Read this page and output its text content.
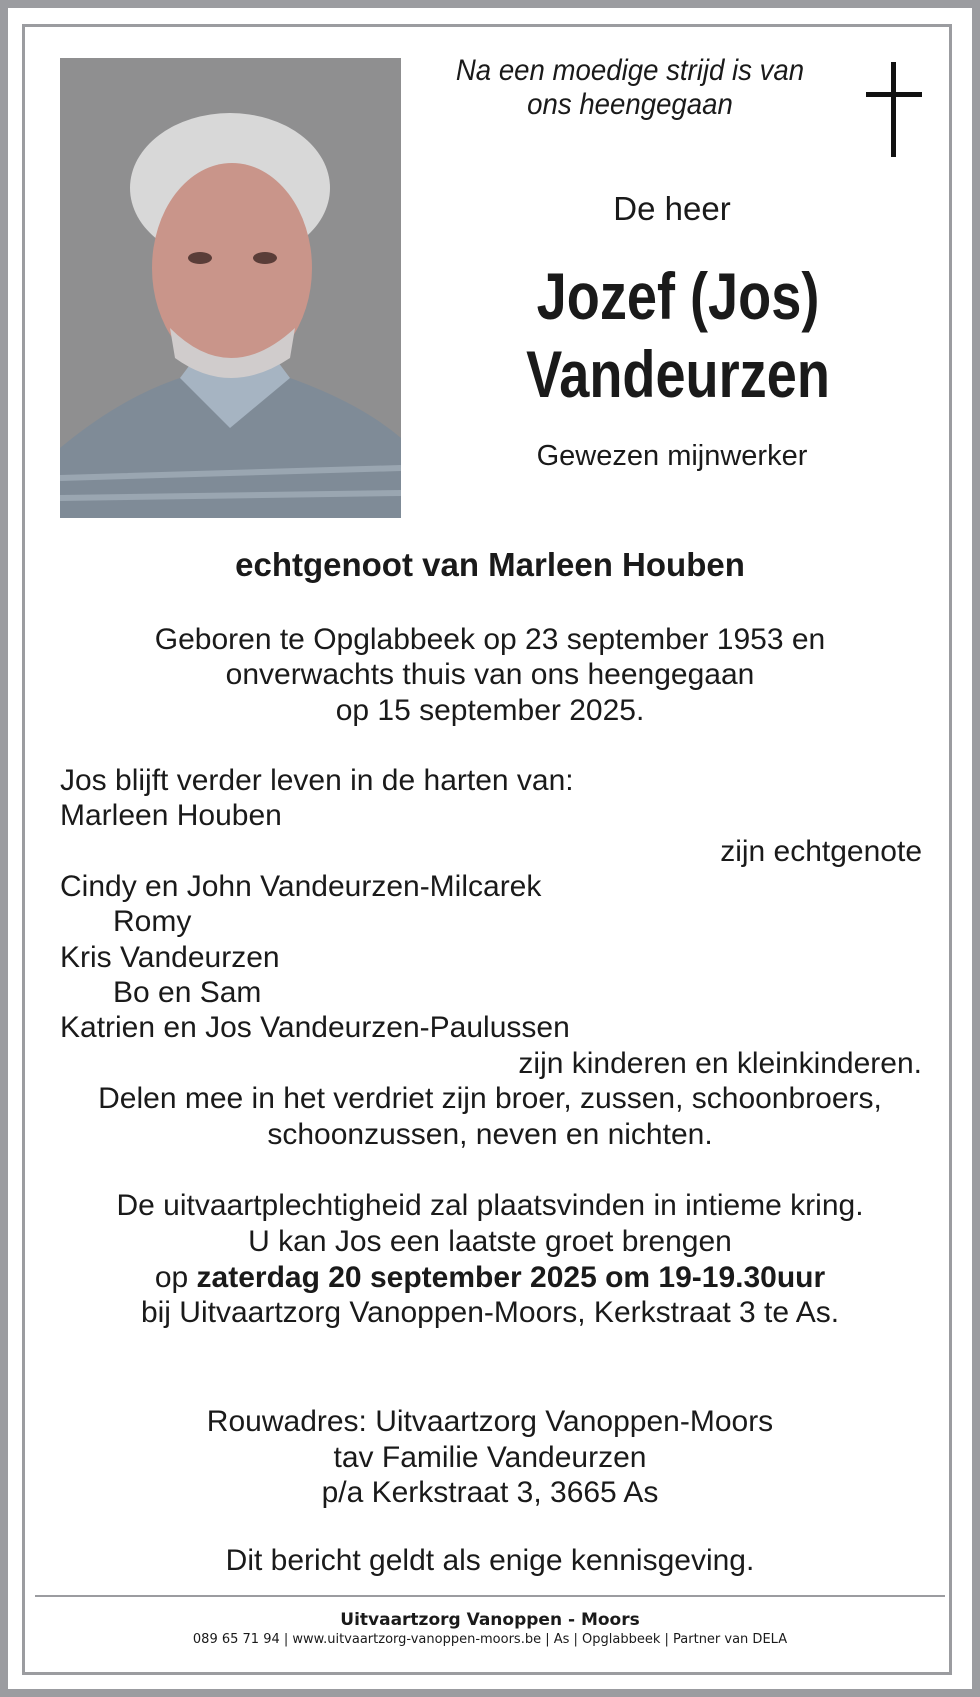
Na een moedige strijd is van
ons heengegaan
De heer
Jozef (Jos)
Vandeurzen
Gewezen mijnwerker
echtgenoot van Marleen Houben
Geboren te Opglabbeek op 23 september 1953 en
onverwachts thuis van ons heengegaan
op 15 september 2025.
Jos blijft verder leven in de harten van:
Marleen Houben
zijn echtgenote
Cindy en John Vandeurzen-Milcarek
Romy
Kris Vandeurzen
Bo en Sam
Katrien en Jos Vandeurzen-Paulussen
zijn kinderen en kleinkinderen.
Delen mee in het verdriet zijn broer, zussen, schoonbroers,
schoonzussen, neven en nichten.
De uitvaartplechtigheid zal plaatsvinden in intieme kring.
U kan Jos een laatste groet brengen
op zaterdag 20 september 2025 om 19-19.30uur
bij Uitvaartzorg Vanoppen-Moors, Kerkstraat 3 te As.
Rouwadres: Uitvaartzorg Vanoppen-Moors
tav Familie Vandeurzen
p/a Kerkstraat 3, 3665 As
Dit bericht geldt als enige kennisgeving.
Uitvaartzorg Vanoppen - Moors
089 65 71 94 | www.uitvaartzorg-vanoppen-moors.be | As | Opglabbeek | Partner van DELA
